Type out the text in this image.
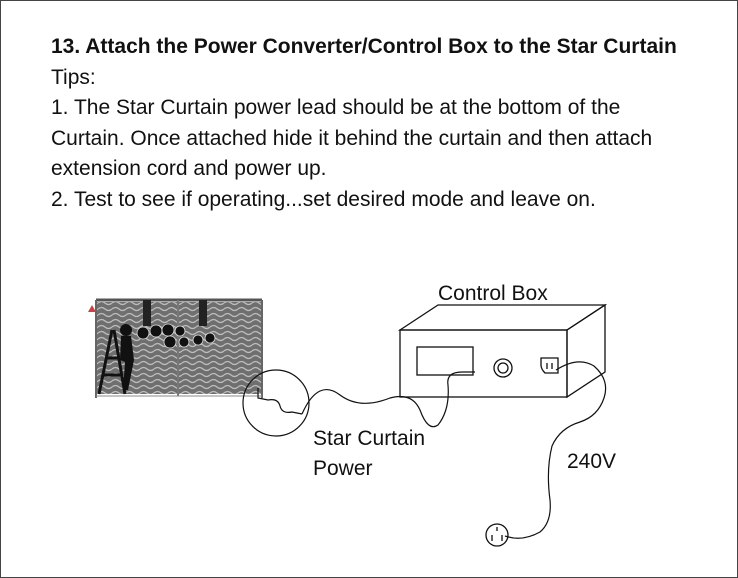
13. Attach the Power Converter/Control Box to the Star Curtain
Tips:
1. The Star Curtain power lead should be at the bottom of the
Curtain. Once attached hide it behind the curtain and then attach
extension cord and power up.
2. Test to see if operating...set desired mode and leave on.
Control Box
Star Curtain
Power	240V
